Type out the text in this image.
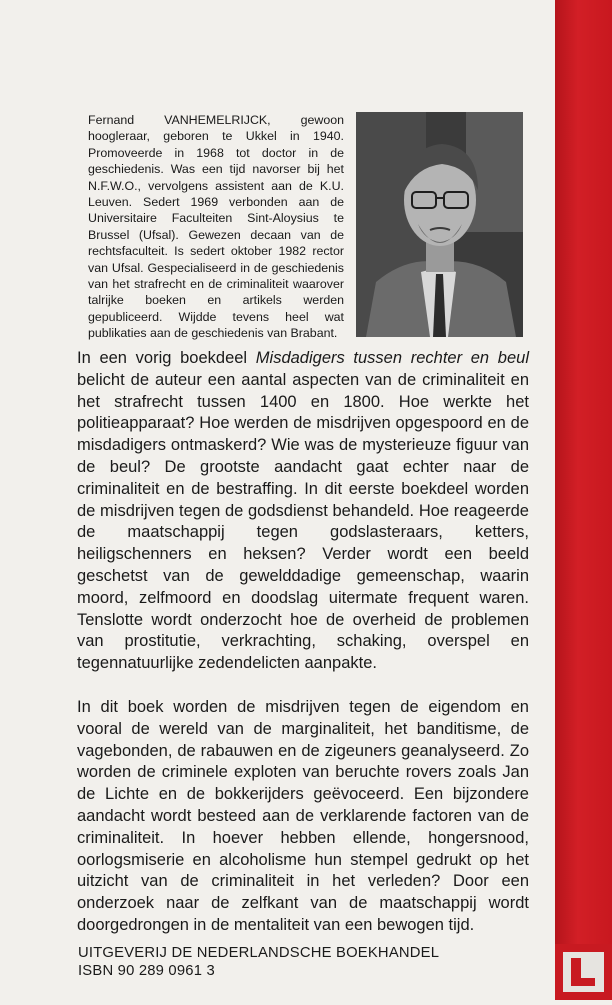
Fernand VANHEMELRIJCK, gewoon hoogleraar, geboren te Ukkel in 1940. Promoveerde in 1968 tot doctor in de geschiedenis. Was een tijd navorser bij het N.F.W.O., vervolgens assistent aan de K.U. Leuven. Sedert 1969 verbonden aan de Universitaire Faculteiten Sint-Aloysius te Brussel (Ufsal). Gewezen decaan van de rechtsfaculteit. Is sedert oktober 1982 rector van Ufsal. Gespecialiseerd in de geschiedenis van het strafrecht en de criminaliteit waarover talrijke boeken en artikels werden gepubliceerd. Wijdde tevens heel wat publikaties aan de geschiedenis van Brabant.

In een vorig boekdeel Misdadigers tussen rechter en beul belicht de auteur een aantal aspecten van de criminaliteit en het strafrecht tussen 1400 en 1800. Hoe werkte het politieapparaat? Hoe werden de misdrijven opgespoord en de misdadigers ontmaskerd? Wie was de mysterieuze figuur van de beul? De grootste aandacht gaat echter naar de criminaliteit en de bestraffing. In dit eerste boekdeel worden de misdrijven tegen de godsdienst behandeld. Hoe reageerde de maatschappij tegen godslasteraars, ketters, heiligschenners en heksen? Verder wordt een beeld geschetst van de gewelddadige gemeenschap, waarin moord, zelfmoord en doodslag uitermate frequent waren. Tenslotte wordt onderzocht hoe de overheid de problemen van prostitutie, verkrachting, schaking, overspel en tegennatuurlijke zedendelicten aanpakte.

In dit boek worden de misdrijven tegen de eigendom en vooral de wereld van de marginaliteit, het banditisme, de vagebonden, de rabauwen en de zigeuners geanalyseerd. Zo worden de criminele exploten van beruchte rovers zoals Jan de Lichte en de bokkerijders geëvoceerd. Een bijzondere aandacht wordt besteed aan de verklarende factoren van de criminaliteit. In hoever hebben ellende, hongersnood, oorlogsmiserie en alcoholisme hun stempel gedrukt op het uitzicht van de criminaliteit in het verleden? Door een onderzoek naar de zelfkant van de maatschappij wordt doorgedrongen in de mentaliteit van een bewogen tijd.

UITGEVERIJ DE NEDERLANDSCHE BOEKHANDEL
ISBN 90 289 0961 3
